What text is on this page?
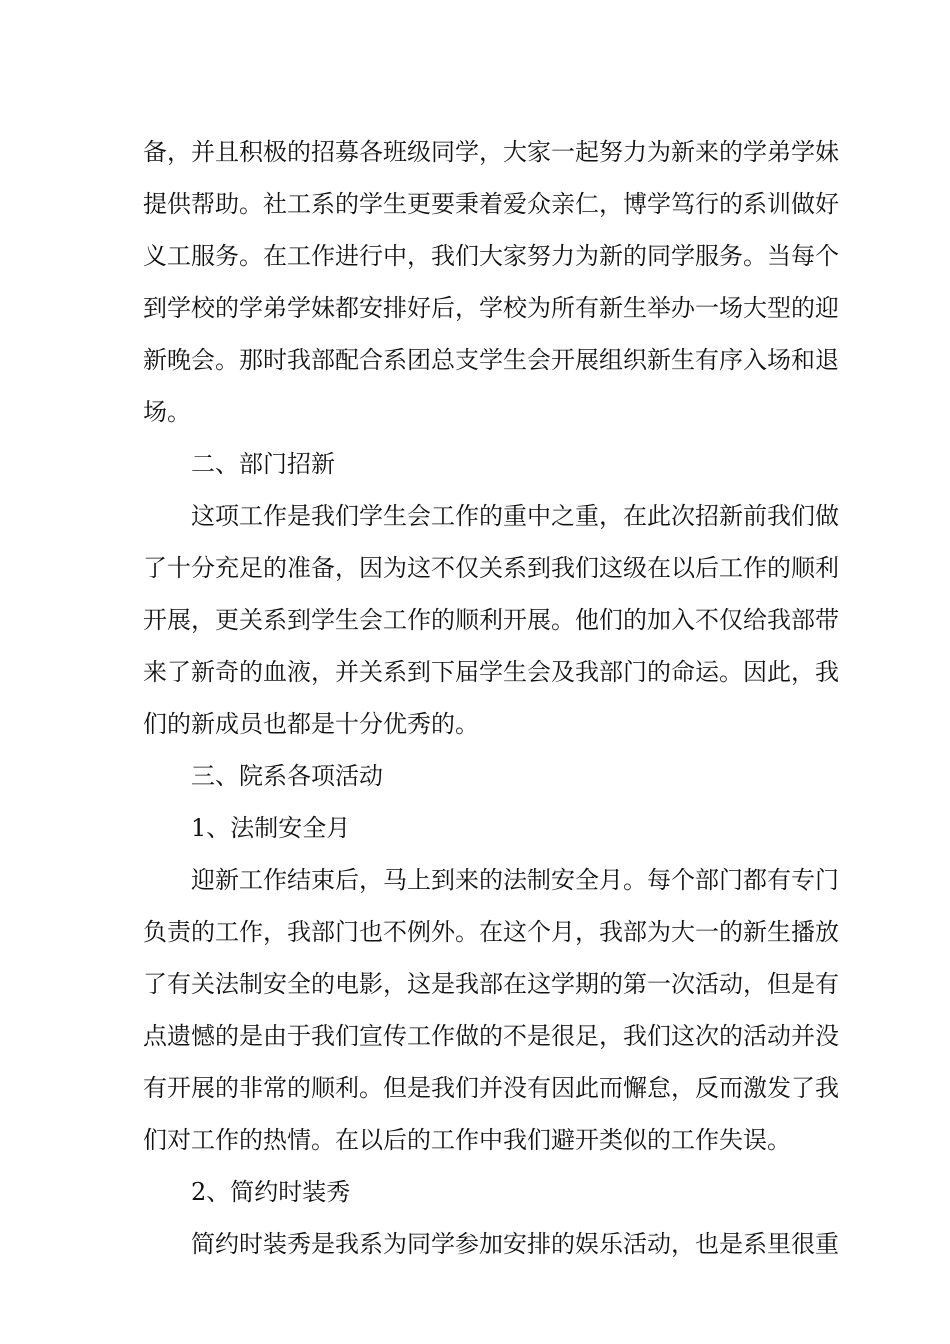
备，并且积极的招募各班级同学，大家一起努力为新来的学弟学妹
提供帮助。社工系的学生更要秉着爱众亲仁，博学笃行的系训做好
义工服务。在工作进行中，我们大家努力为新的同学服务。当每个
到学校的学弟学妹都安排好后，学校为所有新生举办一场大型的迎
新晚会。那时我部配合系团总支学生会开展组织新生有序入场和退
场。
二、部门招新
这项工作是我们学生会工作的重中之重，在此次招新前我们做
了十分充足的准备，因为这不仅关系到我们这级在以后工作的顺利
开展，更关系到学生会工作的顺利开展。他们的加入不仅给我部带
来了新奇的血液，并关系到下届学生会及我部门的命运。因此，我
们的新成员也都是十分优秀的。
三、院系各项活动
1、法制安全月
迎新工作结束后，马上到来的法制安全月。每个部门都有专门
负责的工作，我部门也不例外。在这个月，我部为大一的新生播放
了有关法制安全的电影，这是我部在这学期的第一次活动，但是有
点遗憾的是由于我们宣传工作做的不是很足，我们这次的活动并没
有开展的非常的顺利。但是我们并没有因此而懈怠，反而激发了我
们对工作的热情。在以后的工作中我们避开类似的工作失误。
2、简约时装秀
简约时装秀是我系为同学参加安排的娱乐活动，也是系里很重
